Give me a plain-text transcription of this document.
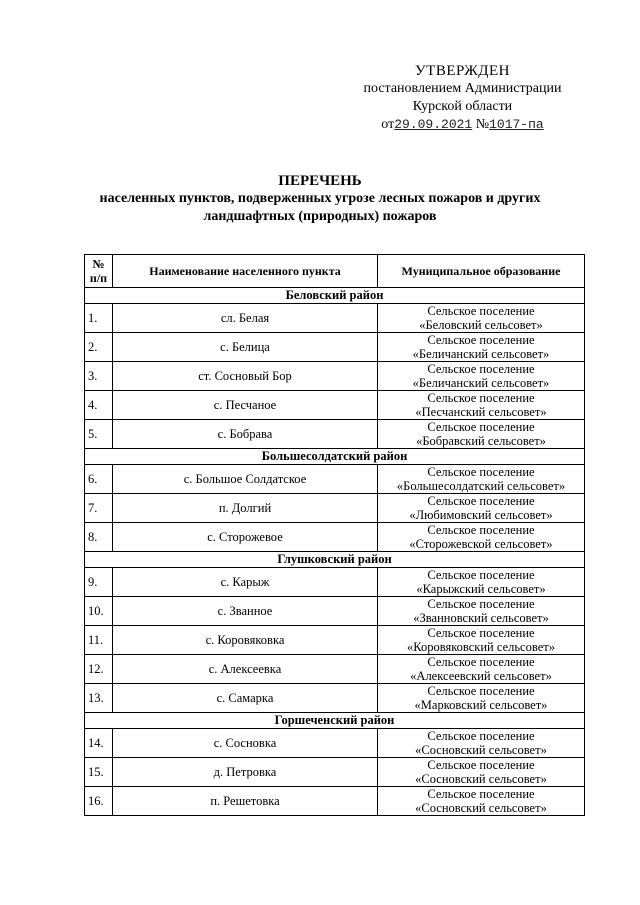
УТВЕРЖДЕН
постановлением Администрации
Курской области
от29.09.2021 №1017-па
ПЕРЕЧЕНЬ
населенных пунктов, подверженных угрозе лесных пожаров и других
ландшафтных (природных) пожаров
№
п/п	Наименование населенного пункта	Муниципальное образование
Беловский район		
1.	сл. Белая	Сельское поселение
«Беловский сельсовет»

2.	с. Белица	Сельское поселение
«Беличанский сельсовет»

3.	ст. Сосновый Бор	Сельское поселение
«Беличанский сельсовет»

4.	с. Песчаное	Сельское поселение
«Песчанский сельсовет»

5.	с. Бобрава	Сельское поселение
«Бобравский сельсовет»

Большесолдатский район		
6.	с. Большое Солдатское	Сельское поселение
«Большесолдатский сельсовет»

7.	п. Долгий	Сельское поселение
«Любимовский сельсовет»

8.	с. Сторожевое	Сельское поселение
«Сторожевской сельсовет»

Глушковский район		
9.	с. Карыж	Сельское поселение
«Карыжский сельсовет»

10.	с. Званное	Сельское поселение
«Званновский сельсовет»

11.	с. Коровяковка	Сельское поселение
«Коровяковский сельсовет»

12.	с. Алексеевка	Сельское поселение
«Алексеевский сельсовет»

13.	с. Самарка	Сельское поселение
«Марковский сельсовет»

Горшеченский район		
14.	с. Сосновка	Сельское поселение
«Сосновский сельсовет»

15.	д. Петровка	Сельское поселение
«Сосновский сельсовет»

16.	п. Решетовка	Сельское поселение
«Сосновский сельсовет»
